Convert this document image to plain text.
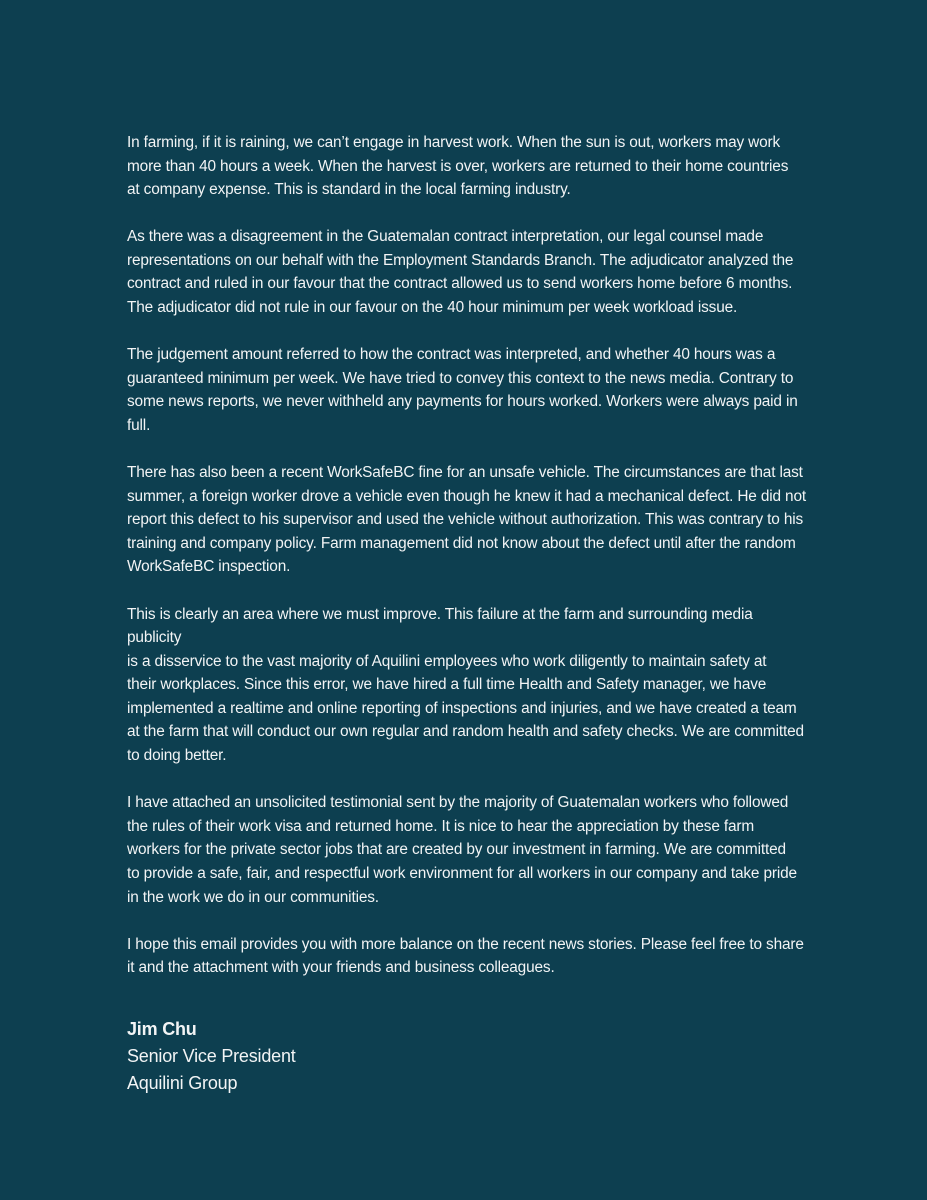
In farming, if it is raining, we can’t engage in harvest work. When the sun is out, workers may work
more than 40 hours a week. When the harvest is over, workers are returned to their home countries
at company expense. This is standard in the local farming industry.

As there was a disagreement in the Guatemalan contract interpretation, our legal counsel made
representations on our behalf with the Employment Standards Branch. The adjudicator analyzed the
contract and ruled in our favour that the contract allowed us to send workers home before 6 months.
The adjudicator did not rule in our favour on the 40 hour minimum per week workload issue.

The judgement amount referred to how the contract was interpreted, and whether 40 hours was a
guaranteed minimum per week. We have tried to convey this context to the news media. Contrary to
some news reports, we never withheld any payments for hours worked. Workers were always paid in
full.

There has also been a recent WorkSafeBC fine for an unsafe vehicle. The circumstances are that last
summer, a foreign worker drove a vehicle even though he knew it had a mechanical defect. He did not
report this defect to his supervisor and used the vehicle without authorization. This was contrary to his
training and company policy. Farm management did not know about the defect until after the random
WorkSafeBC inspection.

This is clearly an area where we must improve. This failure at the farm and surrounding media publicity
is a disservice to the vast majority of Aquilini employees who work diligently to maintain safety at
their workplaces. Since this error, we have hired a full time Health and Safety manager, we have
implemented a realtime and online reporting of inspections and injuries, and we have created a team
at the farm that will conduct our own regular and random health and safety checks. We are committed
to doing better.

I have attached an unsolicited testimonial sent by the majority of Guatemalan workers who followed
the rules of their work visa and returned home. It is nice to hear the appreciation by these farm
workers for the private sector jobs that are created by our investment in farming. We are committed
to provide a safe, fair, and respectful work environment for all workers in our company and take pride
in the work we do in our communities.

I hope this email provides you with more balance on the recent news stories. Please feel free to share
it and the attachment with your friends and business colleagues.

Jim Chu
Senior Vice President
Aquilini Group
